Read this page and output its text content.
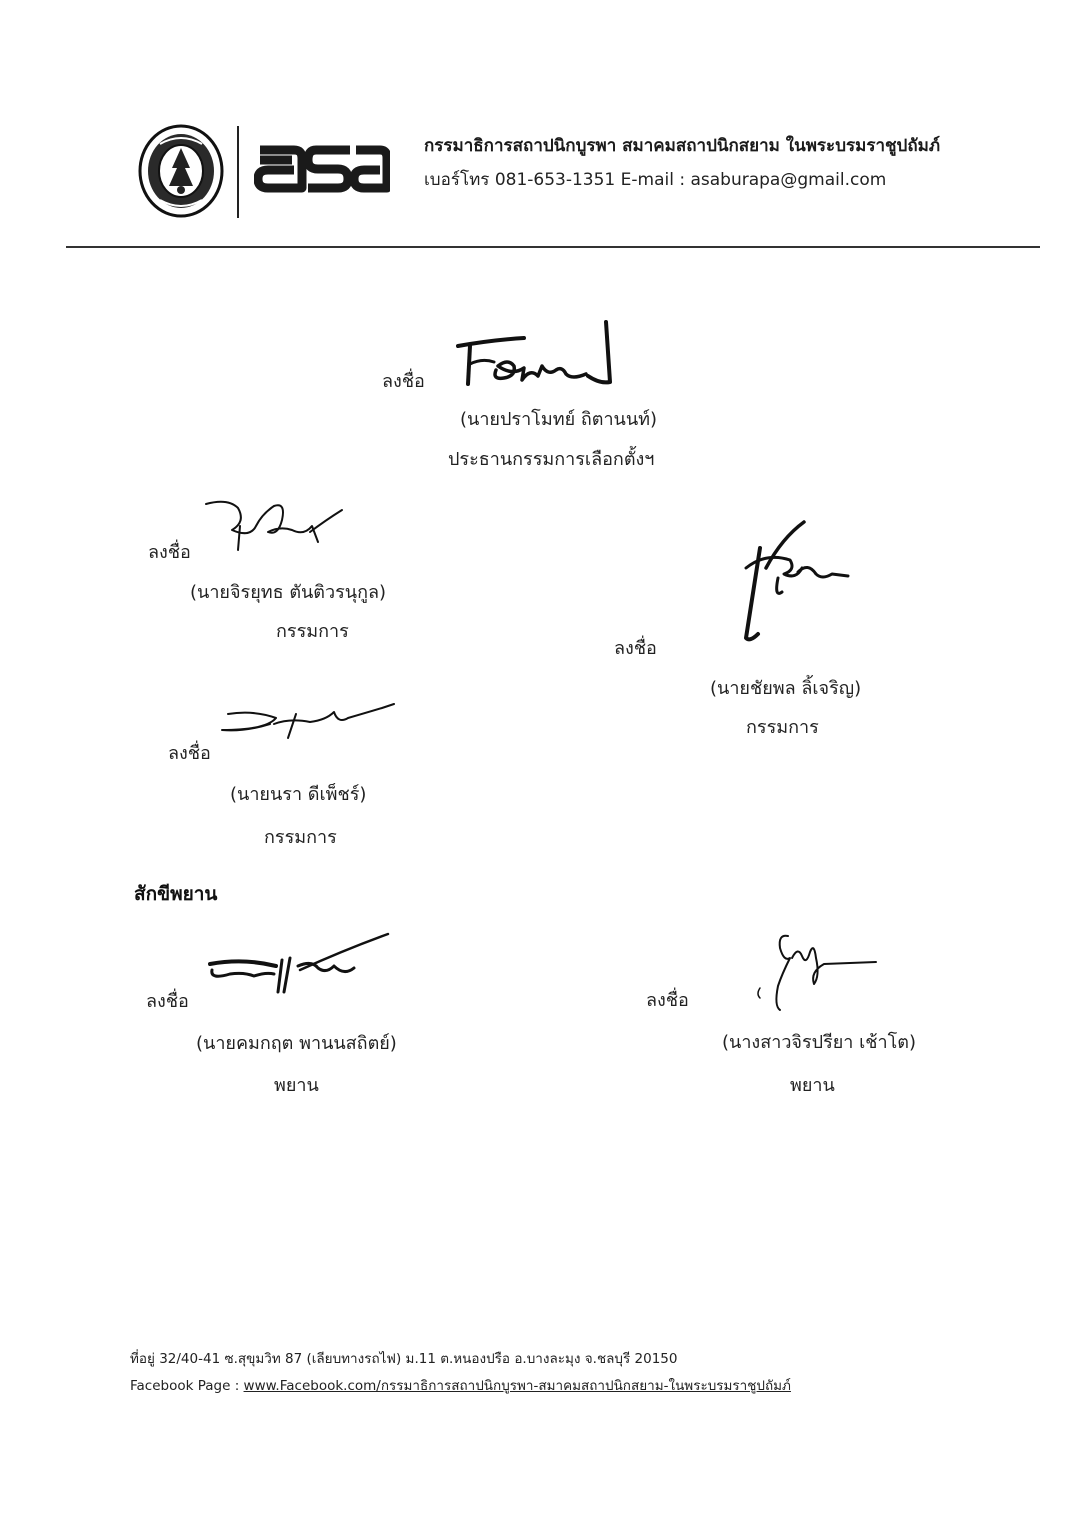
กรรมาธิการสถาปนิกบูรพา สมาคมสถาปนิกสยาม ในพระบรมราชูปถัมภ์
เบอร์โทร 081-653-1351 E-mail : asaburapa@gmail.com
ลงชื่อ
(นายปราโมทย์ ถิตานนท์)
ประธานกรรมการเลือกตั้งฯ
ลงชื่อ
(นายจิรยุทธ ตันติวรนุกูล)
กรรมการ
ลงชื่อ
(นายชัยพล ลิ้เจริญ)
กรรมการ
ลงชื่อ
(นายนรา ดีเพ็ชร์)
กรรมการ
สักขีพยาน
ลงชื่อ
(นายคมกฤต พานนสถิตย์)
พยาน
ลงชื่อ
(นางสาวจิรปรียา เช้าโต)
พยาน
ที่อยู่ 32/40-41 ซ.สุขุมวิท 87 (เลียบทางรถไฟ) ม.11 ต.หนองปรือ อ.บางละมุง จ.ชลบุรี 20150
Facebook Page : www.Facebook.com/กรรมาธิการสถาปนิกบูรพา-สมาคมสถาปนิกสยาม-ในพระบรมราชูปถัมภ์
